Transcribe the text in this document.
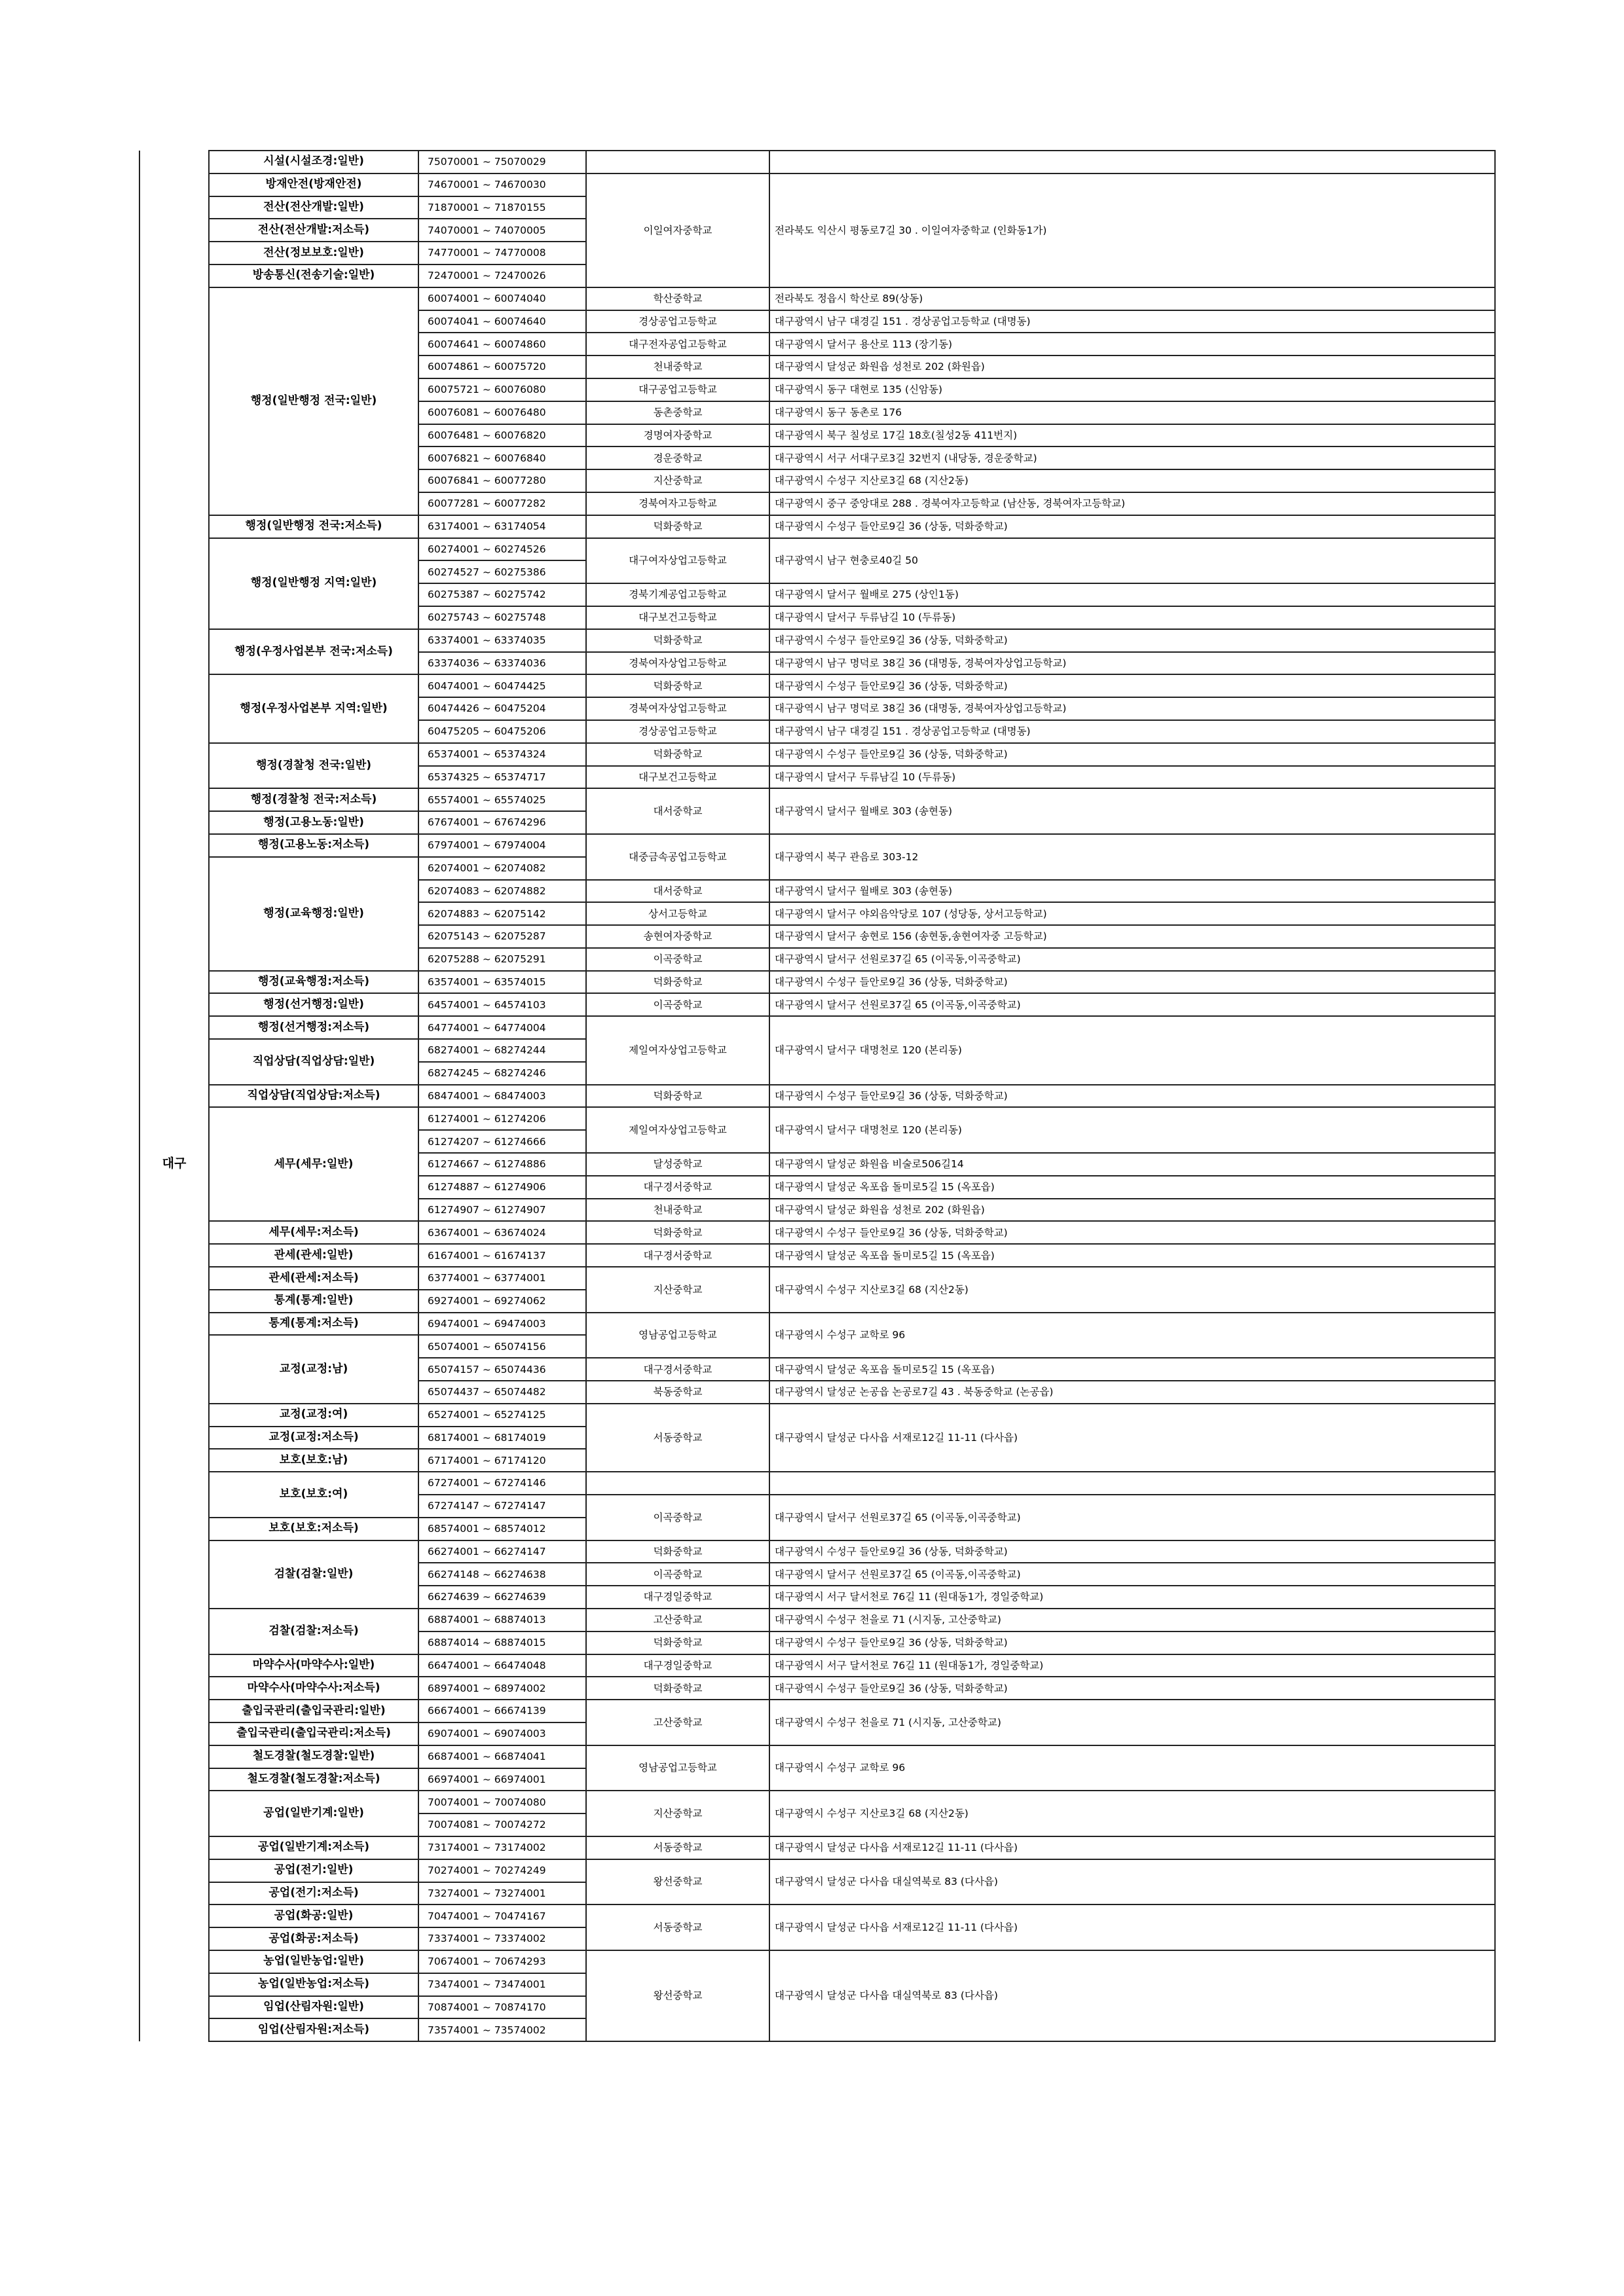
	시설(시설조경:일반)	75070001 ~ 75070029		
	방재안전(방재안전)	74670001 ~ 74670030	이일여자중학교	전라북도 익산시 평동로7길 30 . 이일여자중학교 (인화동1가)
	전산(전산개발:일반)	71870001 ~ 71870155		
	전산(전산개발:저소득)	74070001 ~ 74070005		
	전산(정보보호:일반)	74770001 ~ 74770008		
	방송통신(전송기술:일반)	72470001 ~ 72470026		
대구	행정(일반행정 전국:일반)	60074001 ~ 60074040	학산중학교	전라북도 정읍시 학산로 89(상동)
		60074041 ~ 60074640	경상공업고등학교	대구광역시 남구 대경길 151 . 경상공업고등학교 (대명동)
		60074641 ~ 60074860	대구전자공업고등학교	대구광역시 달서구 용산로 113 (장기동)
		60074861 ~ 60075720	천내중학교	대구광역시 달성군 화원읍 성천로 202 (화원읍)
		60075721 ~ 60076080	대구공업고등학교	대구광역시 동구 대현로 135 (신암동)
		60076081 ~ 60076480	동촌중학교	대구광역시 동구 동촌로 176
		60076481 ~ 60076820	경명여자중학교	대구광역시 북구 칠성로 17길 18호(칠성2동 411번지)
		60076821 ~ 60076840	경운중학교	대구광역시 서구 서대구로3길 32번지 (내당동, 경운중학교)
		60076841 ~ 60077280	지산중학교	대구광역시 수성구 지산로3길 68 (지산2동)
		60077281 ~ 60077282	경북여자고등학교	대구광역시 중구 중앙대로 288 . 경북여자고등학교 (남산동, 경북여자고등학교)
	행정(일반행정 전국:저소득)	63174001 ~ 63174054	덕화중학교	대구광역시 수성구 들안로9길 36 (상동, 덕화중학교)
	행정(일반행정 지역:일반)	60274001 ~ 60274526	대구여자상업고등학교	대구광역시 남구 현충로40길 50
		60274527 ~ 60275386		
		60275387 ~ 60275742	경북기계공업고등학교	대구광역시 달서구 월배로 275 (상인1동)
		60275743 ~ 60275748	대구보건고등학교	대구광역시 달서구 두류남길 10 (두류동)
	행정(우정사업본부 전국:저소득)	63374001 ~ 63374035	덕화중학교	대구광역시 수성구 들안로9길 36 (상동, 덕화중학교)
		63374036 ~ 63374036	경북여자상업고등학교	대구광역시 남구 명덕로 38길 36 (대명동, 경북여자상업고등학교)
	행정(우정사업본부 지역:일반)	60474001 ~ 60474425	덕화중학교	대구광역시 수성구 들안로9길 36 (상동, 덕화중학교)
		60474426 ~ 60475204	경북여자상업고등학교	대구광역시 남구 명덕로 38길 36 (대명동, 경북여자상업고등학교)
		60475205 ~ 60475206	경상공업고등학교	대구광역시 남구 대경길 151 . 경상공업고등학교 (대명동)
	행정(경찰청 전국:일반)	65374001 ~ 65374324	덕화중학교	대구광역시 수성구 들안로9길 36 (상동, 덕화중학교)
		65374325 ~ 65374717	대구보건고등학교	대구광역시 달서구 두류남길 10 (두류동)
	행정(경찰청 전국:저소득)	65574001 ~ 65574025	대서중학교	대구광역시 달서구 월배로 303 (송현동)
	행정(고용노동:일반)	67674001 ~ 67674296		
	행정(고용노동:저소득)	67974001 ~ 67974004	대중금속공업고등학교	대구광역시 북구 관음로 303-12
	행정(교육행정:일반)	62074001 ~ 62074082		
		62074083 ~ 62074882	대서중학교	대구광역시 달서구 월배로 303 (송현동)
		62074883 ~ 62075142	상서고등학교	대구광역시 달서구 야외음악당로 107 (성당동, 상서고등학교)
		62075143 ~ 62075287	송현여자중학교	대구광역시 달서구 송현로 156 (송현동,송현여자중 고등학교)
		62075288 ~ 62075291	이곡중학교	대구광역시 달서구 선원로37길 65 (이곡동,이곡중학교)
	행정(교육행정:저소득)	63574001 ~ 63574015	덕화중학교	대구광역시 수성구 들안로9길 36 (상동, 덕화중학교)
	행정(선거행정:일반)	64574001 ~ 64574103	이곡중학교	대구광역시 달서구 선원로37길 65 (이곡동,이곡중학교)
	행정(선거행정:저소득)	64774001 ~ 64774004	제일여자상업고등학교	대구광역시 달서구 대명천로 120 (본리동)
	직업상담(직업상담:일반)	68274001 ~ 68274244		
		68274245 ~ 68274246		
	직업상담(직업상담:저소득)	68474001 ~ 68474003	덕화중학교	대구광역시 수성구 들안로9길 36 (상동, 덕화중학교)
	세무(세무:일반)	61274001 ~ 61274206	제일여자상업고등학교	대구광역시 달서구 대명천로 120 (본리동)
		61274207 ~ 61274666		
		61274667 ~ 61274886	달성중학교	대구광역시 달성군 화원읍 비술로506길14
		61274887 ~ 61274906	대구경서중학교	대구광역시 달성군 옥포읍 돌미로5길 15 (옥포읍)
		61274907 ~ 61274907	천내중학교	대구광역시 달성군 화원읍 성천로 202 (화원읍)
	세무(세무:저소득)	63674001 ~ 63674024	덕화중학교	대구광역시 수성구 들안로9길 36 (상동, 덕화중학교)
	관세(관세:일반)	61674001 ~ 61674137	대구경서중학교	대구광역시 달성군 옥포읍 돌미로5길 15 (옥포읍)
	관세(관세:저소득)	63774001 ~ 63774001	지산중학교	대구광역시 수성구 지산로3길 68 (지산2동)
	통계(통계:일반)	69274001 ~ 69274062		
	통계(통계:저소득)	69474001 ~ 69474003	영남공업고등학교	대구광역시 수성구 교학로 96
	교정(교정:남)	65074001 ~ 65074156		
		65074157 ~ 65074436	대구경서중학교	대구광역시 달성군 옥포읍 돌미로5길 15 (옥포읍)
		65074437 ~ 65074482	북동중학교	대구광역시 달성군 논공읍 논공로7길 43 . 북동중학교 (논공읍)
	교정(교정:여)	65274001 ~ 65274125	서동중학교	대구광역시 달성군 다사읍 서재로12길 11-11 (다사읍)
	교정(교정:저소득)	68174001 ~ 68174019		
	보호(보호:남)	67174001 ~ 67174120		
	보호(보호:여)	67274001 ~ 67274146		
		67274147 ~ 67274147	이곡중학교	대구광역시 달서구 선원로37길 65 (이곡동,이곡중학교)
	보호(보호:저소득)	68574001 ~ 68574012		
	검찰(검찰:일반)	66274001 ~ 66274147	덕화중학교	대구광역시 수성구 들안로9길 36 (상동, 덕화중학교)
		66274148 ~ 66274638	이곡중학교	대구광역시 달서구 선원로37길 65 (이곡동,이곡중학교)
		66274639 ~ 66274639	대구경일중학교	대구광역시 서구 달서천로 76길 11 (원대동1가, 경일중학교)
	검찰(검찰:저소득)	68874001 ~ 68874013	고산중학교	대구광역시 수성구 천을로 71 (시지동, 고산중학교)
		68874014 ~ 68874015	덕화중학교	대구광역시 수성구 들안로9길 36 (상동, 덕화중학교)
	마약수사(마약수사:일반)	66474001 ~ 66474048	대구경일중학교	대구광역시 서구 달서천로 76길 11 (원대동1가, 경일중학교)
	마약수사(마약수사:저소득)	68974001 ~ 68974002	덕화중학교	대구광역시 수성구 들안로9길 36 (상동, 덕화중학교)
	출입국관리(출입국관리:일반)	66674001 ~ 66674139	고산중학교	대구광역시 수성구 천을로 71 (시지동, 고산중학교)
	출입국관리(출입국관리:저소득)	69074001 ~ 69074003		
	철도경찰(철도경찰:일반)	66874001 ~ 66874041	영남공업고등학교	대구광역시 수성구 교학로 96
	철도경찰(철도경찰:저소득)	66974001 ~ 66974001		
	공업(일반기계:일반)	70074001 ~ 70074080	지산중학교	대구광역시 수성구 지산로3길 68 (지산2동)
		70074081 ~ 70074272		
	공업(일반기계:저소득)	73174001 ~ 73174002	서동중학교	대구광역시 달성군 다사읍 서재로12길 11-11 (다사읍)
	공업(전기:일반)	70274001 ~ 70274249	왕선중학교	대구광역시 달성군 다사읍 대실역북로 83 (다사읍)
	공업(전기:저소득)	73274001 ~ 73274001		
	공업(화공:일반)	70474001 ~ 70474167	서동중학교	대구광역시 달성군 다사읍 서재로12길 11-11 (다사읍)
	공업(화공:저소득)	73374001 ~ 73374002		
	농업(일반농업:일반)	70674001 ~ 70674293	왕선중학교	대구광역시 달성군 다사읍 대실역북로 83 (다사읍)
	농업(일반농업:저소득)	73474001 ~ 73474001		
	임업(산림자원:일반)	70874001 ~ 70874170		
	임업(산림자원:저소득)	73574001 ~ 73574002		
